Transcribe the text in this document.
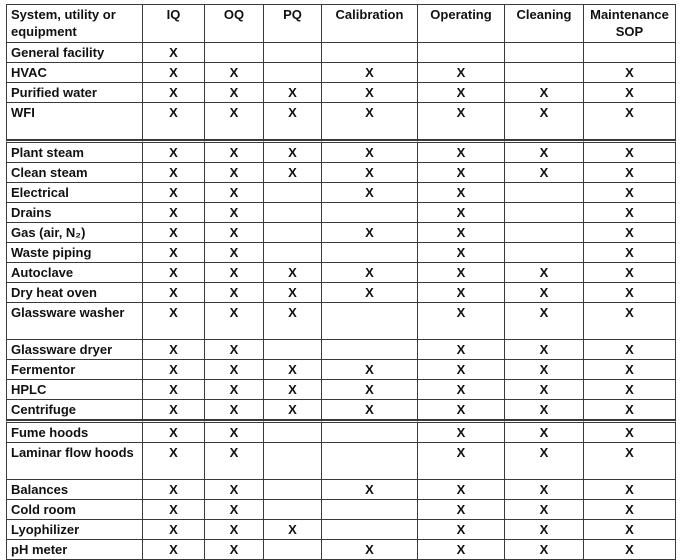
System, utility or equipment	IQ	OQ	PQ	Calibration	Operating	Cleaning	Maintenance SOP
General facility	X						
HVAC	X	X		X	X		X
Purified water	X	X	X	X	X	X	X
WFI	X	X	X	X	X	X	X
Plant steam	X	X	X	X	X	X	X
Clean steam	X	X	X	X	X	X	X
Electrical	X	X		X	X		X
Drains	X	X			X		X
Gas (air, N₂)	X	X		X	X		X
Waste piping	X	X			X		X
Autoclave	X	X	X	X	X	X	X
Dry heat oven	X	X	X	X	X	X	X
Glassware washer	X	X	X		X	X	X
Glassware dryer	X	X			X	X	X
Fermentor	X	X	X	X	X	X	X
HPLC	X	X	X	X	X	X	X
Centrifuge	X	X	X	X	X	X	X
Fume hoods	X	X			X	X	X
Laminar flow hoods	X	X			X	X	X
Balances	X	X		X	X	X	X
Cold room	X	X			X	X	X
Lyophilizer	X	X	X		X	X	X
pH meter	X	X		X	X	X	X
